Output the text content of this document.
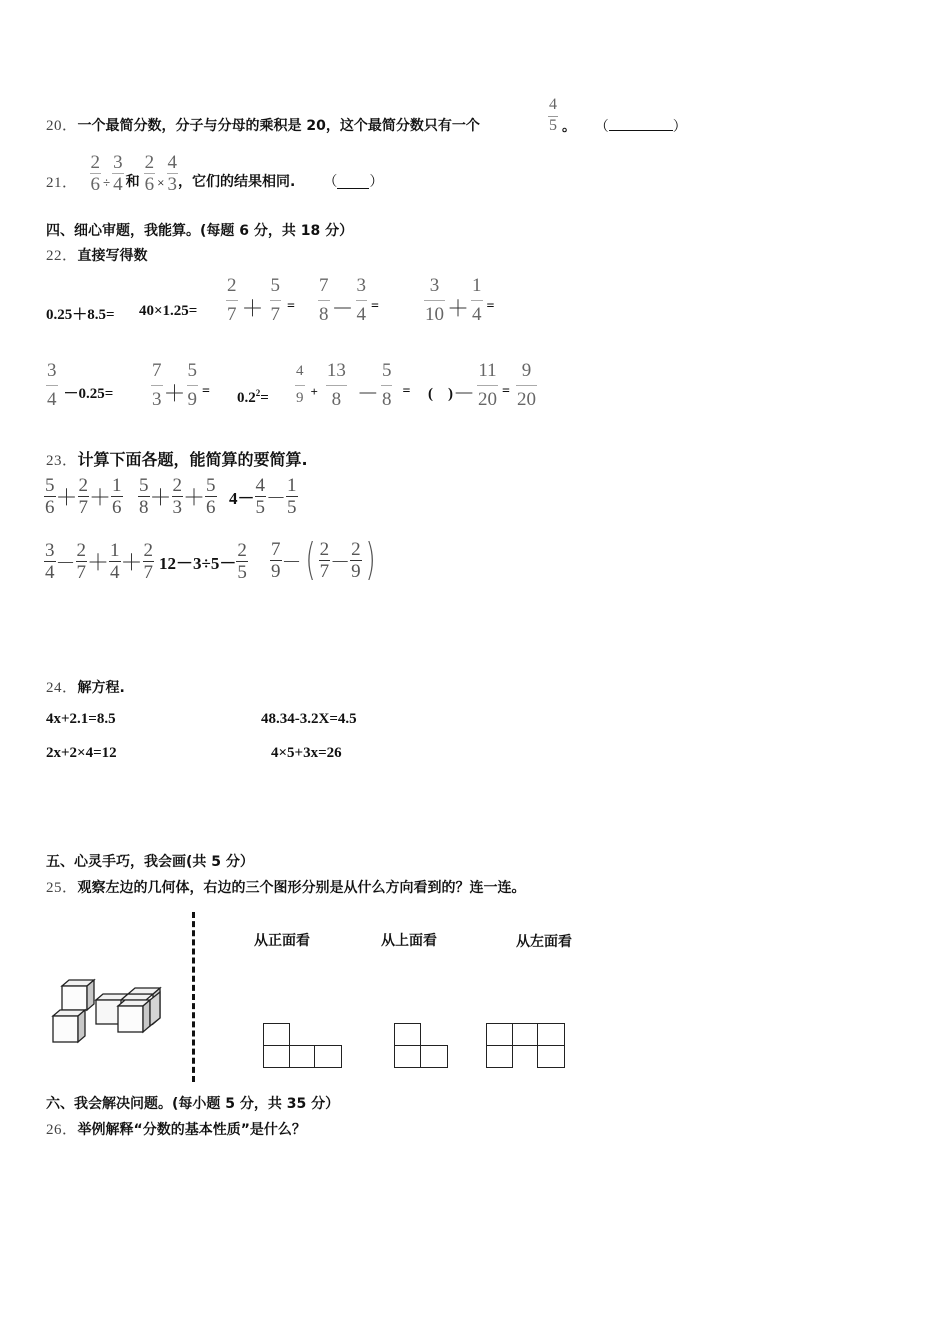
20．一个最简分数，分子与分母的乘积是 20，这个最简分数只有一个	$\frac{4}{5}$ 。 （	）
21． $\frac{2}{6} \div \frac{3}{4}$ 和 $\frac{2}{6} \times \frac{4}{3}$ ，它们的结果相同. （ ）
四、细心审题，我能算。(每题 6 分，共 18 分）
22．直接写得数
$0.25+8.5= 40\times 1.25= \frac{2}{7} + \frac{5}{7} = \frac{7}{8} - \frac{3}{4} = \frac{3}{10} + \frac{1}{4}$ =
$\frac{3}{4} -0.25= \frac{7}{3} + \frac{5}{9} = 0.2^2= \frac{4}{9} + \frac{13}{8} - \frac{5}{8}$ = (　) － $\frac{11}{20} = \frac{9}{20}$
23．计算下面各题，能简算的要简算.
$\frac{5}{6} + \frac{2}{7} + \frac{1}{6} \frac{5}{8} + \frac{2}{3} + \frac{5}{6} 4- \frac{4}{5} - \frac{1}{5}$
$\frac{3}{4} - \frac{2}{7} + \frac{1}{4} + \frac{2}{7} 12-3\div 5- \frac{2}{5} \frac{7}{9}$ － ( $\frac{2}{7} - \frac{2}{9}$ )
24．解方程.
4x+2.1=8.5	48.34-3.2X=4.5
2x+2×4=12	4×5+3x=26
五、心灵手巧，我会画(共 5 分）
25．观察左边的几何体，右边的三个图形分别是从什么方向看到的？连一连。
从正面看	从上面看	从左面看
六、我会解决问题。(每小题 5 分，共 35 分）
26．举例解释“分数的基本性质”是什么？
